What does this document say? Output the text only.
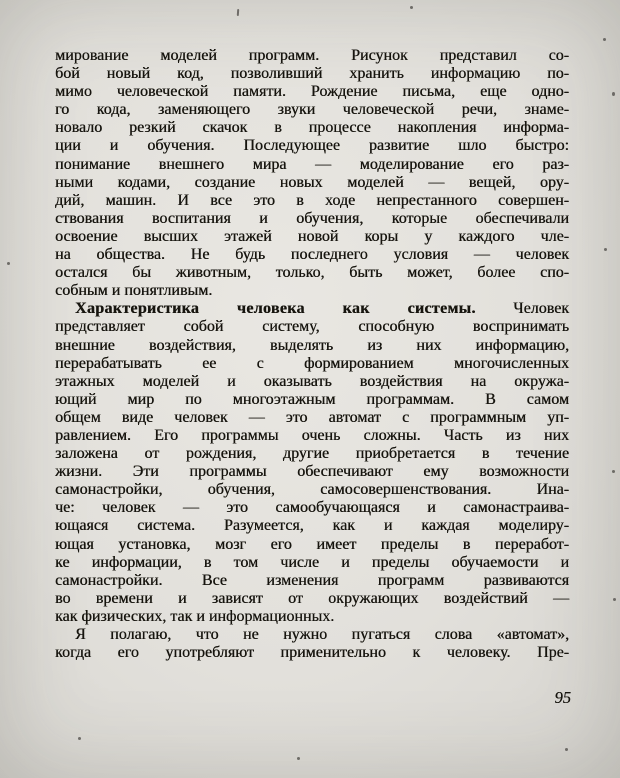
мирование моделей программ. Рисунок представил со-
бой новый код, позволивший хранить информацию по-
мимо человеческой памяти. Рождение письма, еще одно-
го кода, заменяющего звуки человеческой речи, знаме-
новало резкий скачок в процессе накопления информа-
ции и обучения. Последующее развитие шло быстро:
понимание внешнего мира — моделирование его раз-
ными кодами, создание новых моделей — вещей, ору-
дий, машин. И все это в ходе непрестанного совершен-
ствования воспитания и обучения, которые обеспечивали
освоение высших этажей новой коры у каждого чле-
на общества. Не будь последнего условия — человек
остался бы животным, только, быть может, более спо-
собным и понятливым.
Характеристика человека как системы. Человек
представляет собой систему, способную воспринимать
внешние воздействия, выделять из них информацию,
перерабатывать ее с формированием многочисленных
этажных моделей и оказывать воздействия на окружа-
ющий мир по многоэтажным программам. В самом
общем виде человек — это автомат с программным уп-
равлением. Его программы очень сложны. Часть из них
заложена от рождения, другие приобретается в течение
жизни. Эти программы обеспечивают ему возможности
самонастройки, обучения, самосовершенствования. Ина-
че: человек — это самообучающаяся и самонастраива-
ющаяся система. Разумеется, как и каждая моделиру-
ющая установка, мозг его имеет пределы в переработ-
ке информации, в том числе и пределы обучаемости и
самонастройки. Все изменения программ развиваются
во времени и зависят от окружающих воздействий —
как физических, так и информационных.
Я полагаю, что не нужно пугаться слова «автомат»,
когда его употребляют применительно к человеку. Пре-
95
